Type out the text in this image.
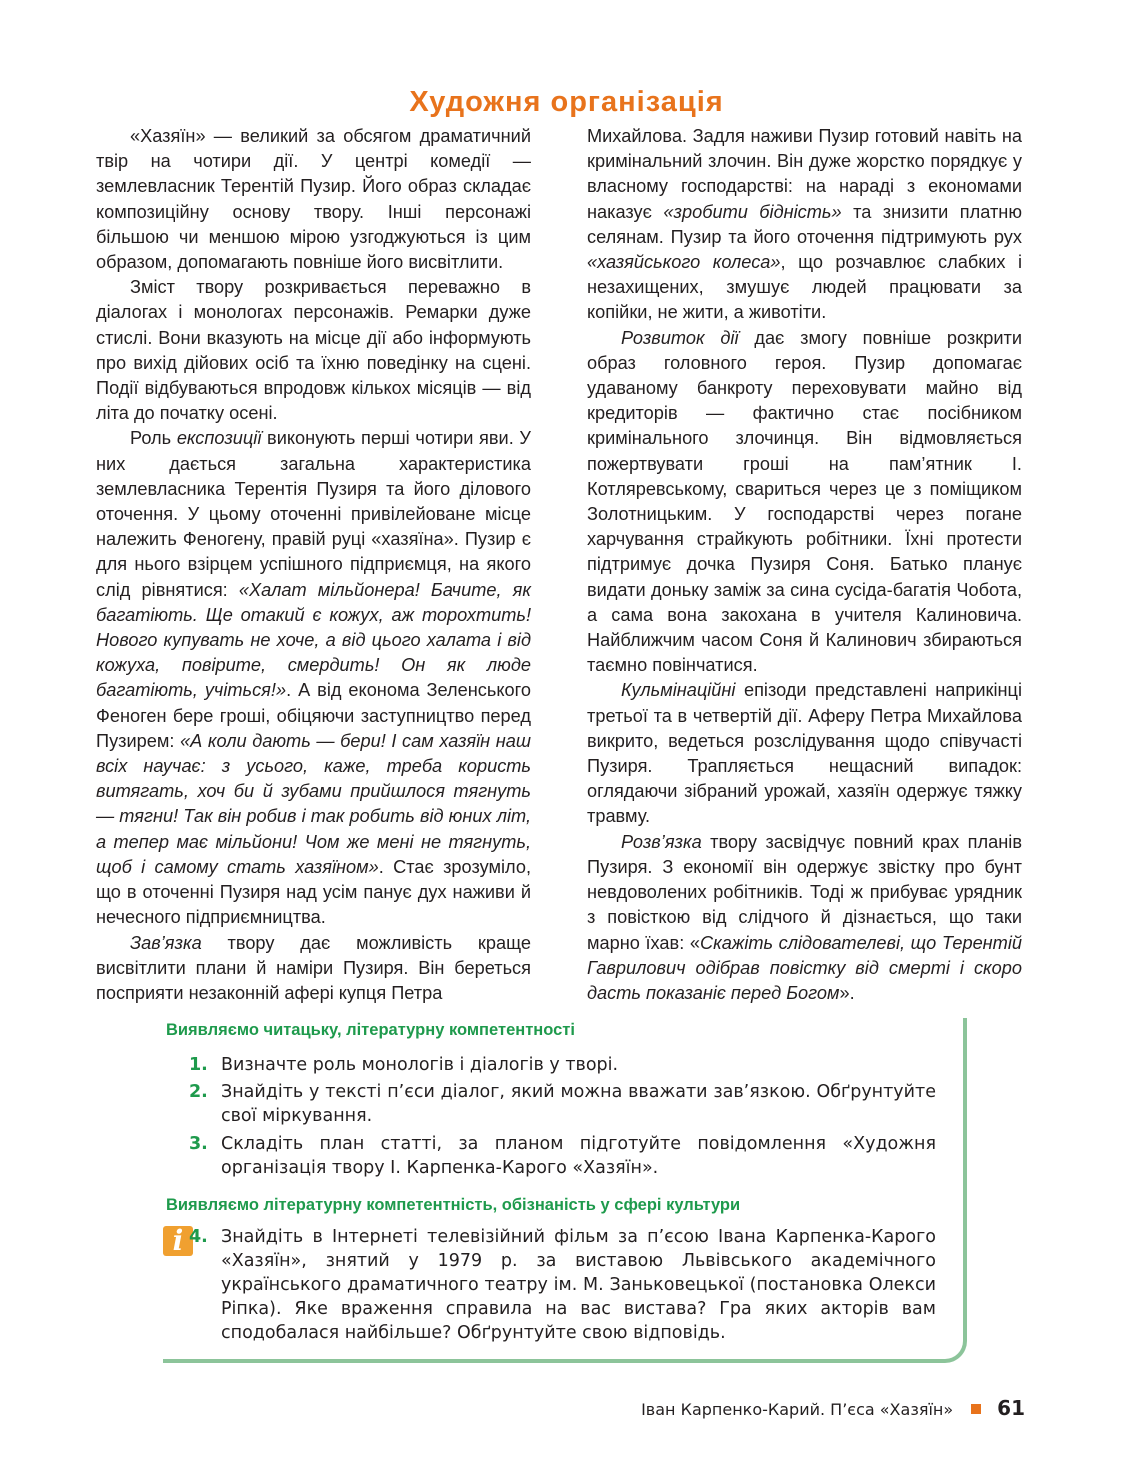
Художня організація

«Хазяїн» — великий за обсягом драматичний твір на чотири дії. У центрі комедії — землевласник Терентій Пузир. Його образ складає композиційну основу твору. Інші персонажі більшою чи меншою мірою узгоджуються із цим образом, допомагають повніше його висвітлити.

Зміст твору розкривається переважно в діалогах і монологах персонажів. Ремарки дуже стислі. Вони вказують на місце дії або інформують про вихід дійових осіб та їхню поведінку на сцені. Події відбуваються впродовж кількох місяців — від літа до початку осені.

Роль експозиції виконують перші чотири яви. У них дається загальна характеристика землевласника Терентія Пузиря та його ділового оточення. У цьому оточенні привілейоване місце належить Феногену, правій руці «хазяїна». Пузир є для нього взірцем успішного підприємця, на якого слід рівнятися: «Халат мільйонера! Бачите, як багатіють. Ще отакий є кожух, аж торохтить! Нового купувать не хоче, а від цього халата і від кожуха, повірите, смердить! Он як люде багатіють, учіться!». А від економа Зеленського Феноген бере гроші, обіцяючи заступництво перед Пузирем: «А коли дають — бери! І сам хазяїн наш всіх научає: з усього, каже, треба користь витягать, хоч би й зубами прийшлося тягнуть — тягни! Так він робив і так робить від юних літ, а тепер має мільйони! Чом же мені не тягнуть, щоб і самому стать хазяїном». Стає зрозуміло, що в оточенні Пузиря над усім панує дух наживи й нечесного підприємництва.

Зав’язка твору дає можливість краще висвітлити плани й наміри Пузиря. Він береться посприяти незаконній афері купця Петра

Михайлова. Задля наживи Пузир готовий навіть на кримінальний злочин. Він дуже жорстко порядкує у власному господарстві: на нараді з економами наказує «зробити бідність» та знизити платню селянам. Пузир та його оточення підтримують рух «хазяйського колеса», що розчавлює слабких і незахищених, змушує людей працювати за копійки, не жити, а животіти.

Розвиток дії дає змогу повніше розкрити образ головного героя. Пузир допомагає удаваному банкроту переховувати майно від кредиторів — фактично стає посібником кримінального злочинця. Він відмовляється пожертвувати гроші на пам’ятник І. Котляревському, свариться через це з поміщиком Золотницьким. У господарстві через погане харчування страйкують робітники. Їхні протести підтримує дочка Пузиря Соня. Батько планує видати доньку заміж за сина сусіда-багатія Чобота, а сама вона закохана в учителя Калиновича. Найближчим часом Соня й Калинович збираються таємно повінчатися.

Кульмінаційні епізоди представлені наприкінці третьої та в четвертій дії. Аферу Петра Михайлова викрито, ведеться розслідування щодо співучасті Пузиря. Трапляється нещасний випадок: оглядаючи зібраний урожай, хазяїн одержує тяжку травму.

Розв’язка твору засвідчує повний крах планів Пузиря. З економії він одержує звістку про бунт невдоволених робітників. Тоді ж прибуває урядник з повісткою від слідчого й дізнається, що таки марно їхав: «Скажіть слідователеві, що Терентій Гаврилович одібрав повістку від смерті і скоро дасть показаніє перед Богом».

Виявляємо читацьку, літературну компетентності
1. Визначте роль монологів і діалогів у творі.
2. Знайдіть у тексті п’єси діалог, який можна вважати зав’язкою. Обґрунтуйте свої міркування.
3. Складіть план статті, за планом підготуйте повідомлення «Художня організація твору І. Карпенка-Карого «Хазяїн».
Виявляємо літературну компетентність, обізнаність у сфері культури
i 4. Знайдіть в Інтернеті телевізійний фільм за п’єсою Івана Карпенка-Карого «Хазяїн», знятий у 1979 р. за виставою Львівського академічного українського драматичного театру ім. М. Заньковецької (постановка Олекси Ріпка). Яке враження справила на вас вистава? Гра яких акторів вам сподобалася найбільше? Обґрунтуйте свою відповідь.
Іван Карпенко-Карий. П’єса «Хазяїн» 61
